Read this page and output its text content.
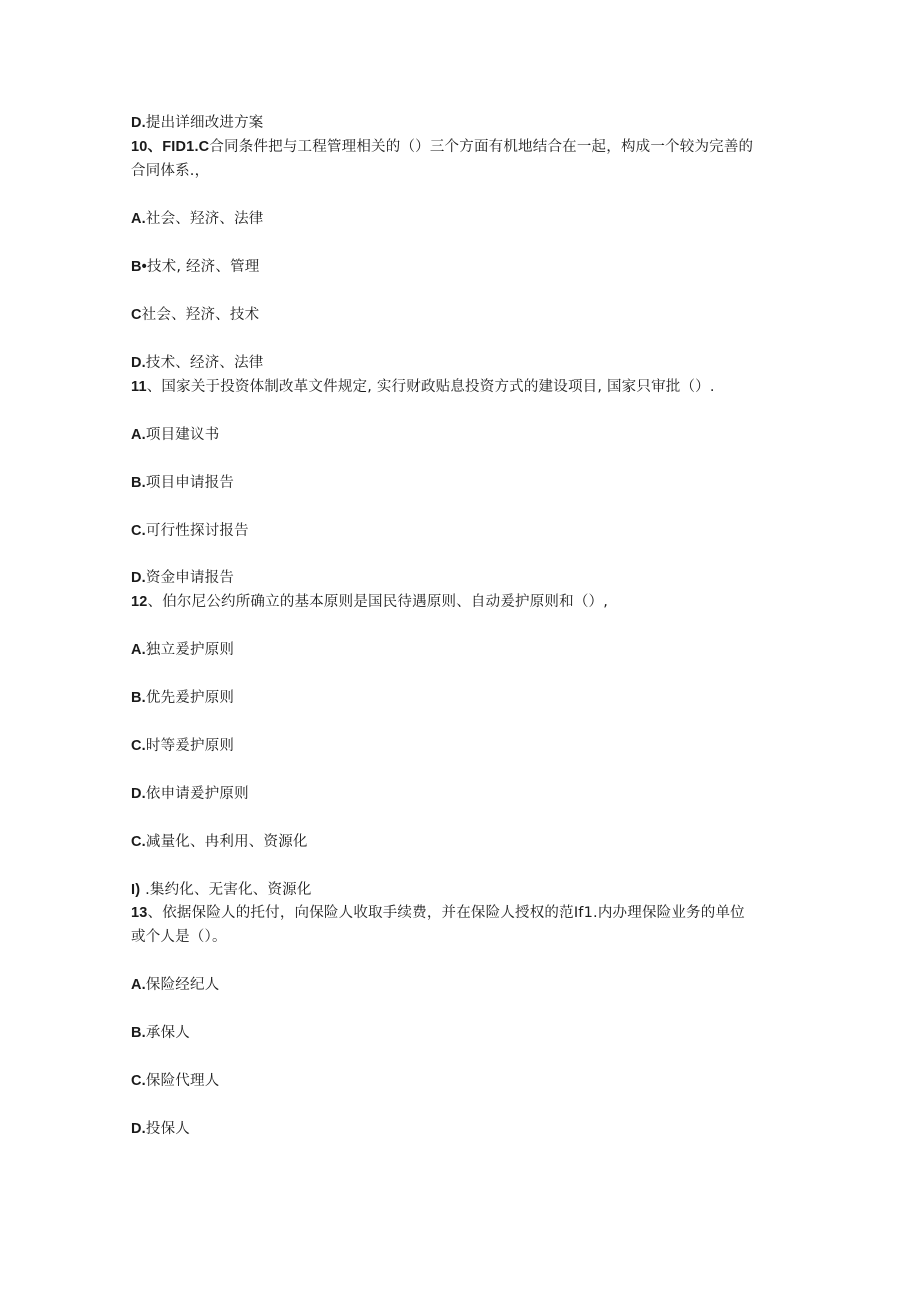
D.提出详细改进方案
10、FID1.C合同条件把与工程管理相关的（）三个方面有机地结合在一起，构成一个较为完善的
合同体系.，
A.社会、羟济、法律
B•技术, 经济、管理
C社会、羟济、技术
D.技术、经济、法律
11、国家关于投资体制改革文件规定, 实行财政贴息投资方式的建设项目, 国家只审批（）.
A.项目建议书
B.项目申请报告
C.可行性探讨报告
D.资金申请报告
12、伯尔尼公约所确立的基本原则是国民待遇原则、自动爰护原则和（）,
A.独立爰护原则
B.优先爰护原则
C.时等爰护原则
D.依申请爰护原则
C.减量化、冉利用、资源化
I) .集约化、无害化、资源化
13、依据保险人的托付，向保险人收取手续费，并在保险人授权的范If1.内办理保险业务的单位
或个人是（）。
A.保险经纪人
B.承保人
C.保险代理人
D.投保人
